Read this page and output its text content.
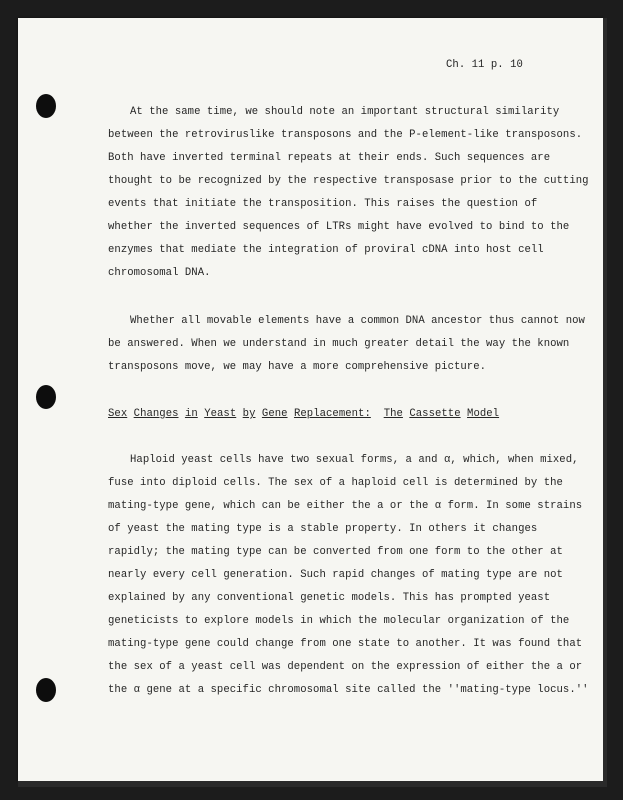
Ch. 11 p. 10
At the same time, we should note an important structural similarity
between the retroviruslike transposons and the P-element-like transposons.
Both have inverted terminal repeats at their ends. Such sequences are
thought to be recognized by the respective transposase prior to the cutting
events that initiate the transposition. This raises the question of
whether the inverted sequences of LTRs might have evolved to bind to the
enzymes that mediate the integration of proviral cDNA into host cell
chromosomal DNA.
Whether all movable elements have a common DNA ancestor thus cannot now
be answered. When we understand in much greater detail the way the known
transposons move, we may have a more comprehensive picture.
Sex Changes in Yeast by Gene Replacement: The Cassette Model
Haploid yeast cells have two sexual forms, a and α, which, when mixed,
fuse into diploid cells. The sex of a haploid cell is determined by the
mating-type gene, which can be either the a or the α form. In some strains
of yeast the mating type is a stable property. In others it changes
rapidly; the mating type can be converted from one form to the other at
nearly every cell generation. Such rapid changes of mating type are not
explained by any conventional genetic models. This has prompted yeast
geneticists to explore models in which the molecular organization of the
mating-type gene could change from one state to another. It was found that
the sex of a yeast cell was dependent on the expression of either the a or
the α gene at a specific chromosomal site called the ''mating-type locus.''
